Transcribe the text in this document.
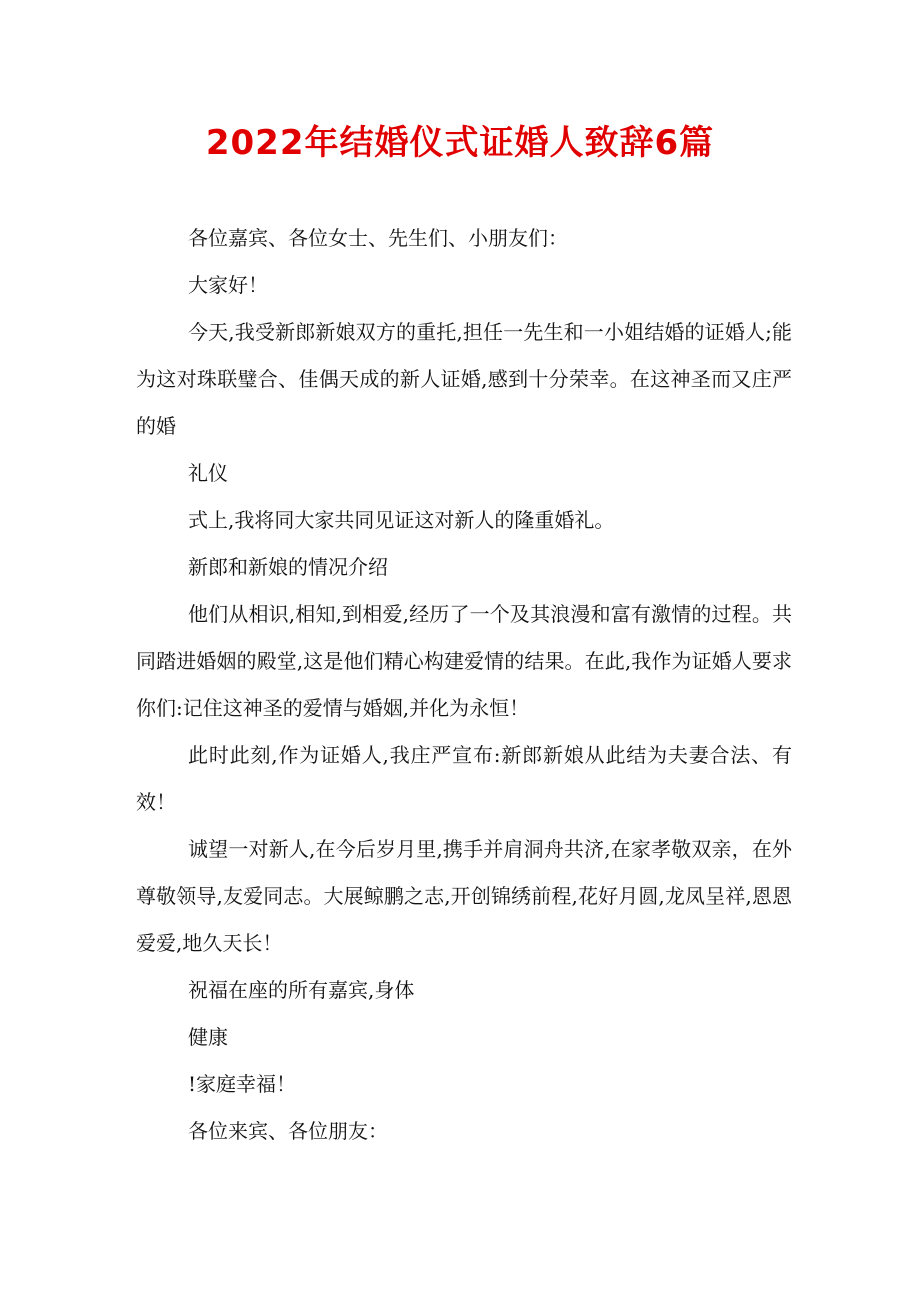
2022年结婚仪式证婚人致辞6篇

各位嘉宾、各位女士、先生们、小朋友们：

大家好！

今天,我受新郎新娘双方的重托,担任一先生和一小姐结婚的证婚人;能为这对珠联璧合、佳偶天成的新人证婚,感到十分荣幸。在这神圣而又庄严的婚

礼仪

式上,我将同大家共同见证这对新人的隆重婚礼。

新郎和新娘的情况介绍

他们从相识,相知,到相爱,经历了一个及其浪漫和富有激情的过程。共同踏进婚姻的殿堂,这是他们精心构建爱情的结果。在此,我作为证婚人要求你们:记住这神圣的爱情与婚姻,并化为永恒！

此时此刻,作为证婚人,我庄严宣布:新郎新娘从此结为夫妻合法、有效！

诚望一对新人,在今后岁月里,携手并肩洞舟共济,在家孝敬双亲，在外尊敬领导,友爱同志。大展鲸鹏之志,开创锦绣前程,花好月圆,龙凤呈祥,恩恩爱爱,地久天长！

祝福在座的所有嘉宾,身体

健康

!家庭幸福！

各位来宾、各位朋友：
